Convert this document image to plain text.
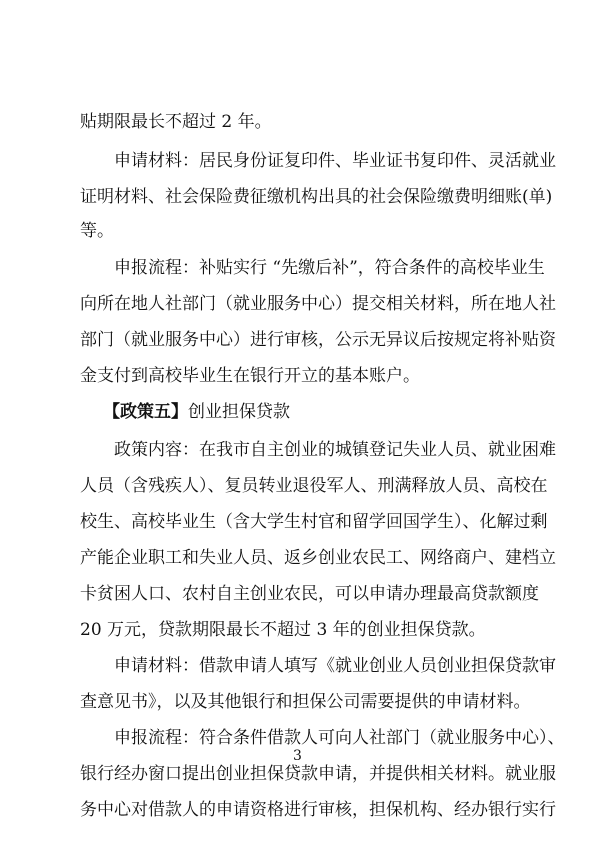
贴期限最长不超过 2 年。
申请材料：居民身份证复印件、毕业证书复印件、灵活就业
证明材料、社会保险费征缴机构出具的社会保险缴费明细账(单)
等。
申报流程：补贴实行 “先缴后补”，符合条件的高校毕业生
向所在地人社部门（就业服务中心）提交相关材料，所在地人社
部门（就业服务中心）进行审核，公示无异议后按规定将补贴资
金支付到高校毕业生在银行开立的基本账户。
【政策五】创业担保贷款
政策内容：在我市自主创业的城镇登记失业人员、就业困难
人员（含残疾人）、复员转业退役军人、刑满释放人员、高校在
校生、高校毕业生（含大学生村官和留学回国学生）、化解过剩
产能企业职工和失业人员、返乡创业农民工、网络商户、建档立
卡贫困人口、农村自主创业农民，可以申请办理最高贷款额度
20 万元，贷款期限最长不超过 3 年的创业担保贷款。
申请材料：借款申请人填写《就业创业人员创业担保贷款审
查意见书》，以及其他银行和担保公司需要提供的申请材料。
申报流程：符合条件借款人可向人社部门（就业服务中心）、
银行经办窗口提出创业担保贷款申请，并提供相关材料。就业服
务中心对借款人的申请资格进行审核，担保机构、经办银行实行
3
